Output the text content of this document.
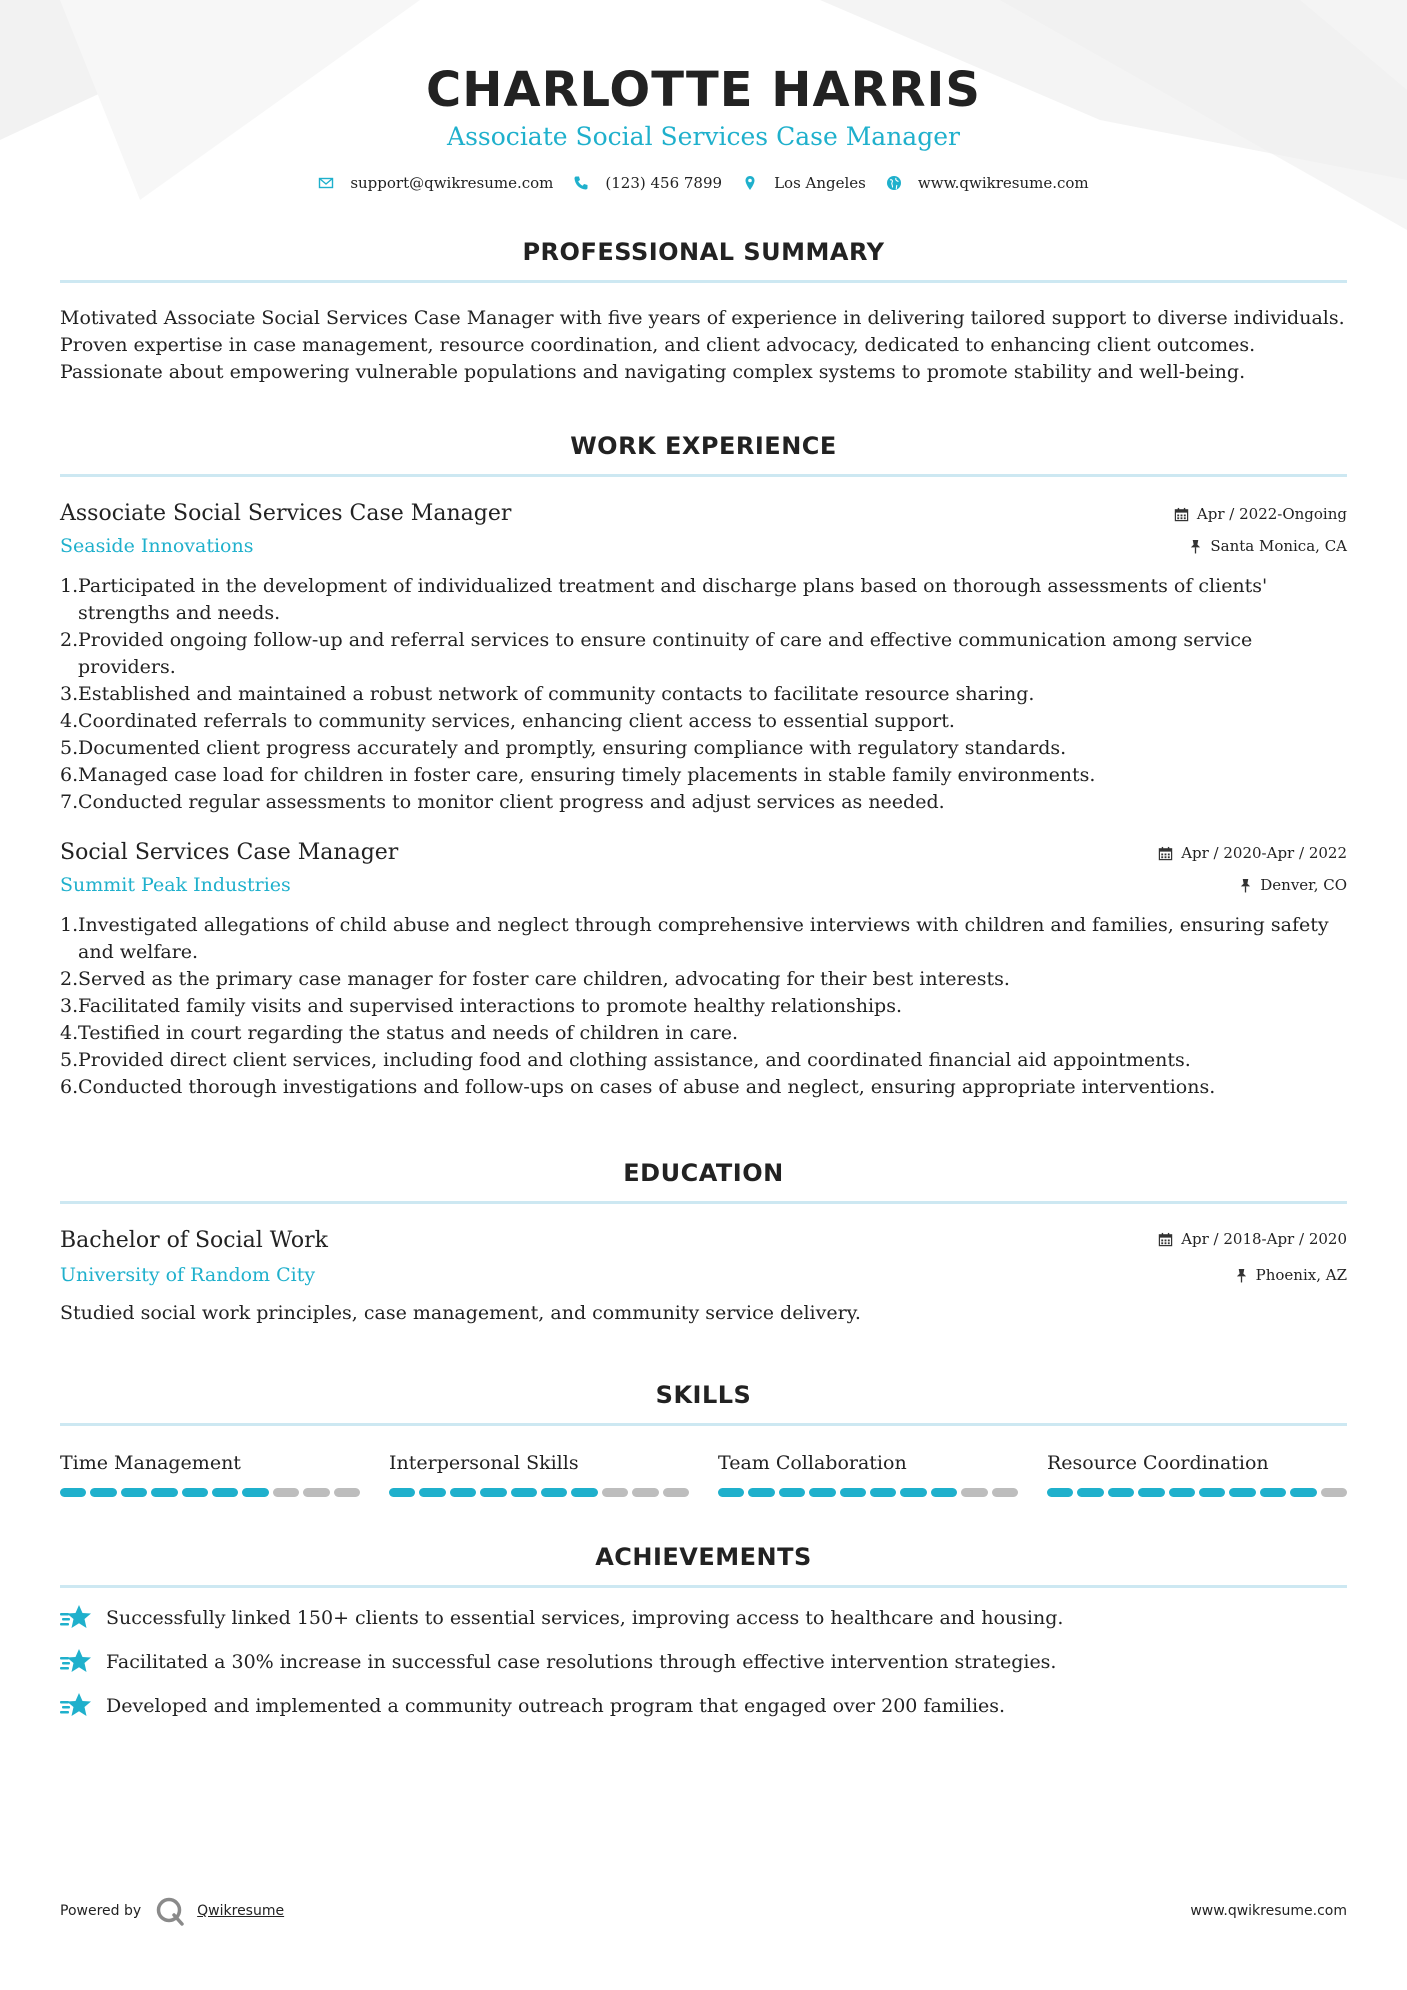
CHARLOTTE HARRIS
Associate Social Services Case Manager
support@qwikresume.com	(123) 456 7899	Los Angeles	www.qwikresume.com
PROFESSIONAL SUMMARY
Motivated Associate Social Services Case Manager with five years of experience in delivering tailored support to diverse individuals.
Proven expertise in case management, resource coordination, and client advocacy, dedicated to enhancing client outcomes.
Passionate about empowering vulnerable populations and navigating complex systems to promote stability and well-being.
WORK EXPERIENCE
Associate Social Services Case Manager
Seaside Innovations
Apr / 2022-Ongoing
Santa Monica, CA
1. Participated in the development of individualized treatment and discharge plans based on thorough assessments of clients' strengths and needs.
2. Provided ongoing follow-up and referral services to ensure continuity of care and effective communication among service providers.
3. Established and maintained a robust network of community contacts to facilitate resource sharing.
4. Coordinated referrals to community services, enhancing client access to essential support.
5. Documented client progress accurately and promptly, ensuring compliance with regulatory standards.
6. Managed case load for children in foster care, ensuring timely placements in stable family environments.
7. Conducted regular assessments to monitor client progress and adjust services as needed.
Social Services Case Manager
Summit Peak Industries
Apr / 2020-Apr / 2022
Denver, CO
1. Investigated allegations of child abuse and neglect through comprehensive interviews with children and families, ensuring safety and welfare.
2. Served as the primary case manager for foster care children, advocating for their best interests.
3. Facilitated family visits and supervised interactions to promote healthy relationships.
4. Testified in court regarding the status and needs of children in care.
5. Provided direct client services, including food and clothing assistance, and coordinated financial aid appointments.
6. Conducted thorough investigations and follow-ups on cases of abuse and neglect, ensuring appropriate interventions.
EDUCATION
Bachelor of Social Work
University of Random City
Apr / 2018-Apr / 2020
Phoenix, AZ
Studied social work principles, case management, and community service delivery.
SKILLS
Time Management	Interpersonal Skills	Team Collaboration	Resource Coordination
ACHIEVEMENTS
Successfully linked 150+ clients to essential services, improving access to healthcare and housing.
Facilitated a 30% increase in successful case resolutions through effective intervention strategies.
Developed and implemented a community outreach program that engaged over 200 families.
Powered by	Qwikresume	www.qwikresume.com
